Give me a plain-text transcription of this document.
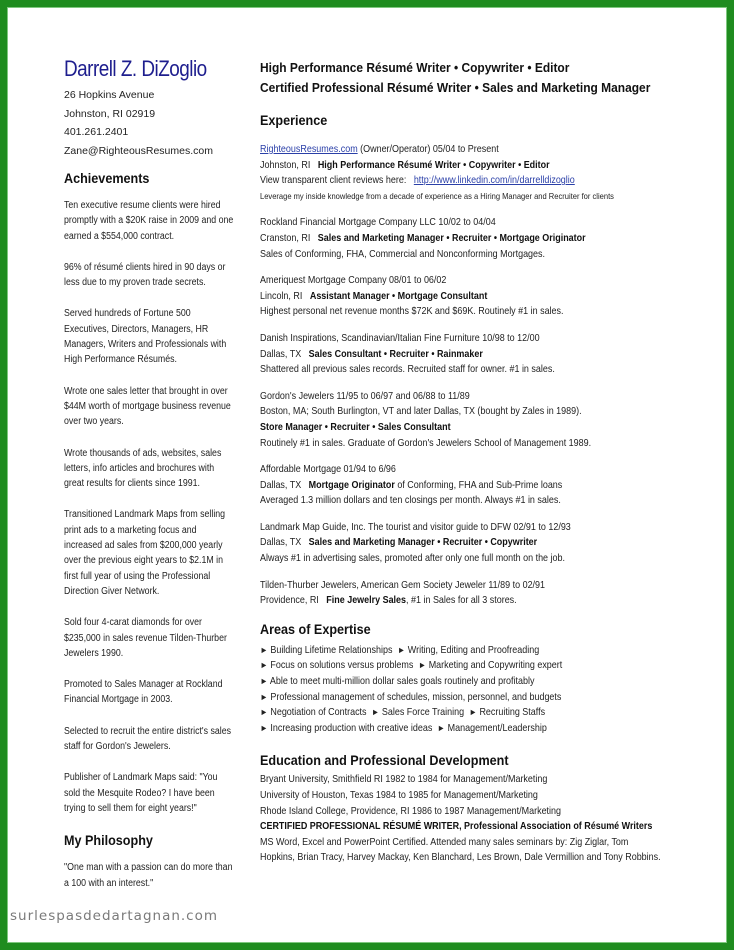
Darrell Z. DiZoglio
26 Hopkins Avenue
Johnston, RI 02919
401.261.2401
Zane@RighteousResumes.com
Achievements
Ten executive resume clients were hired promptly with a $20K raise in 2009 and one earned a $554,000 contract.
96% of résumé clients hired in 90 days or less due to my proven trade secrets.
Served hundreds of Fortune 500 Executives, Directors, Managers, HR Managers, Writers and Professionals with High Performance Résumés.
Wrote one sales letter that brought in over $44M worth of mortgage business revenue over two years.
Wrote thousands of ads, websites, sales letters, info articles and brochures with great results for clients since 1991.
Transitioned Landmark Maps from selling print ads to a marketing focus and increased ad sales from $200,000 yearly over the previous eight years to $2.1M in first full year of using the Professional Direction Giver Network.
Sold four 4-carat diamonds for over $235,000 in sales revenue Tilden-Thurber Jewelers 1990.
Promoted to Sales Manager at Rockland Financial Mortgage in 2003.
Selected to recruit the entire district's sales staff for Gordon's Jewelers.
Publisher of Landmark Maps said: "You sold the Mesquite Rodeo? I have been trying to sell them for eight years!"
My Philosophy
"One man with a passion can do more than a 100 with an interest."
High Performance Résumé Writer • Copywriter • Editor
Certified Professional Résumé Writer • Sales and Marketing Manager
Experience
RighteousResumes.com (Owner/Operator) 05/04 to Present
Johnston, RI High Performance Résumé Writer • Copywriter • Editor
View transparent client reviews here: http://www.linkedin.com/in/darrelldizoglio
Leverage my inside knowledge from a decade of experience as a Hiring Manager and Recruiter for clients
Rockland Financial Mortgage Company LLC 10/02 to 04/04
Cranston, RI Sales and Marketing Manager • Recruiter • Mortgage Originator
Sales of Conforming, FHA, Commercial and Nonconforming Mortgages.
Ameriquest Mortgage Company 08/01 to 06/02
Lincoln, RI Assistant Manager • Mortgage Consultant
Highest personal net revenue months $72K and $69K. Routinely #1 in sales.
Danish Inspirations, Scandinavian/Italian Fine Furniture 10/98 to 12/00
Dallas, TX Sales Consultant • Recruiter • Rainmaker
Shattered all previous sales records. Recruited staff for owner. #1 in sales.
Gordon's Jewelers 11/95 to 06/97 and 06/88 to 11/89
Boston, MA; South Burlington, VT and later Dallas, TX (bought by Zales in 1989).
Store Manager • Recruiter • Sales Consultant
Routinely #1 in sales. Graduate of Gordon's Jewelers School of Management 1989.
Affordable Mortgage 01/94 to 6/96
Dallas, TX Mortgage Originator of Conforming, FHA and Sub-Prime loans
Averaged 1.3 million dollars and ten closings per month. Always #1 in sales.
Landmark Map Guide, Inc. The tourist and visitor guide to DFW 02/91 to 12/93
Dallas, TX Sales and Marketing Manager • Recruiter • Copywriter
Always #1 in advertising sales, promoted after only one full month on the job.
Tilden-Thurber Jewelers, American Gem Society Jeweler 11/89 to 02/91
Providence, RI Fine Jewelry Sales, #1 in Sales for all 3 stores.
Areas of Expertise
► Building Lifetime Relationships ► Writing, Editing and Proofreading
► Focus on solutions versus problems ► Marketing and Copywriting expert
► Able to meet multi-million dollar sales goals routinely and profitably
► Professional management of schedules, mission, personnel, and budgets
► Negotiation of Contracts ► Sales Force Training ► Recruiting Staffs
► Increasing production with creative ideas ► Management/Leadership
Education and Professional Development
Bryant University, Smithfield RI 1982 to 1984 for Management/Marketing
University of Houston, Texas 1984 to 1985 for Management/Marketing
Rhode Island College, Providence, RI 1986 to 1987 Management/Marketing
CERTIFIED PROFESSIONAL RÉSUMÉ WRITER, Professional Association of Résumé Writers
MS Word, Excel and PowerPoint Certified. Attended many sales seminars by: Zig Ziglar, Tom
Hopkins, Brian Tracy, Harvey Mackay, Ken Blanchard, Les Brown, Dale Vermillion and Tony Robbins.
surlespasdedartagnan.com
